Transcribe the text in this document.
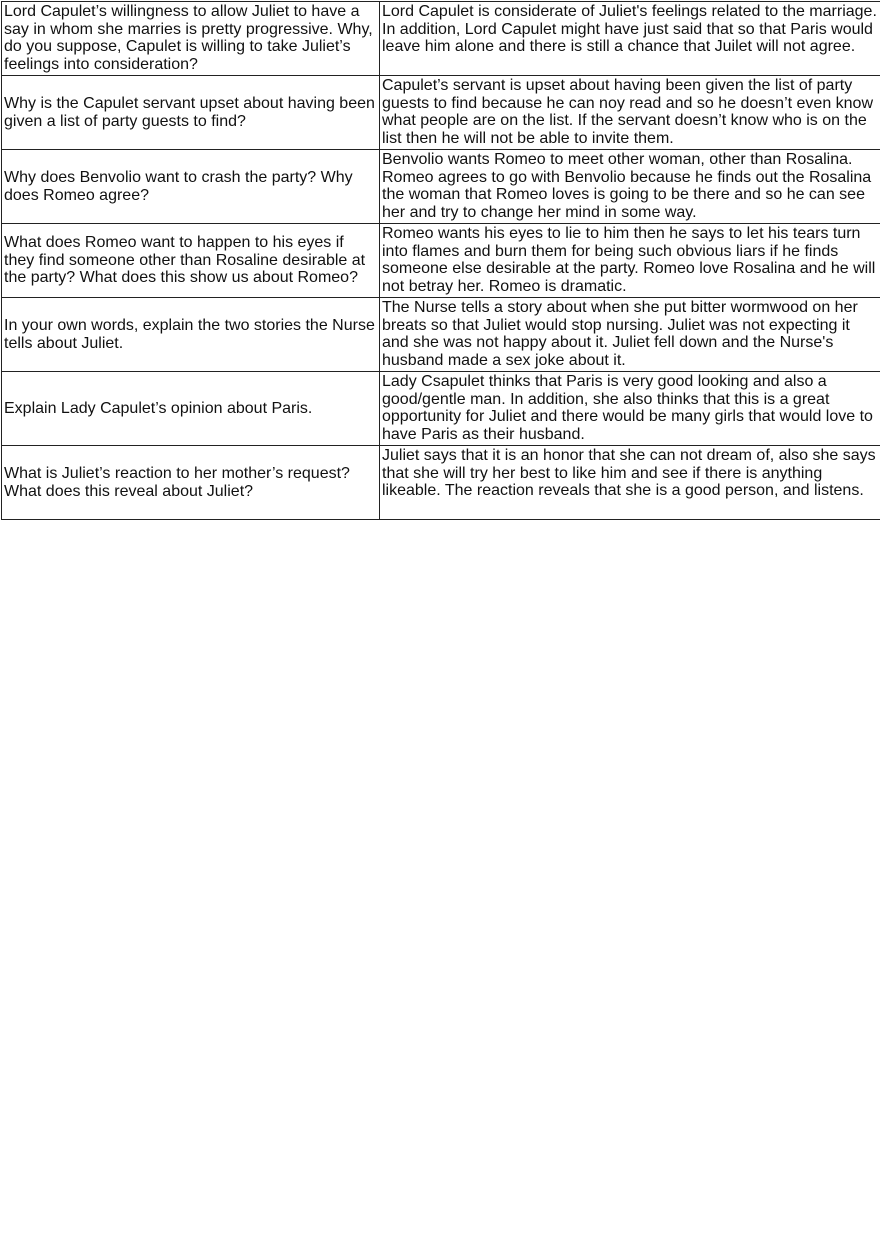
Lord Capulet’s willingness to allow Juliet to have a say in whom she marries is pretty progressive. Why, do you suppose, Capulet is willing to take Juliet’s feelings into consideration?	Lord Capulet is considerate of Juliet's feelings related to the marriage. In addition, Lord Capulet might have just said that so that Paris would leave him alone and there is still a chance that Juilet will not agree.
Why is the Capulet servant upset about having been given a list of party guests to find?	Capulet’s servant is upset about having been given the list of party guests to find because he can noy read and so he doesn’t even know what people are on the list. If the servant doesn’t know who is on the list then he will not be able to invite them.
Why does Benvolio want to crash the party? Why does Romeo agree?	Benvolio wants Romeo to meet other woman, other than Rosalina. Romeo agrees to go with Benvolio because he finds out the Rosalina the woman that Romeo loves is going to be there and so he can see her and try to change her mind in some way.
What does Romeo want to happen to his eyes if they find someone other than Rosaline desirable at the party? What does this show us about Romeo?	Romeo wants his eyes to lie to him then he says to let his tears turn into flames and burn them for being such obvious liars if he finds someone else desirable at the party. Romeo love Rosalina and he will not betray her. Romeo is dramatic.
In your own words, explain the two stories the Nurse tells about Juliet.	The Nurse tells a story about when she put bitter wormwood on her breats so that Juliet would stop nursing. Juliet was not expecting it and she was not happy about it. Juliet fell down and the Nurse's husband made a sex joke about it.
Explain Lady Capulet’s opinion about Paris.	Lady Csapulet thinks that Paris is very good looking and also a good/gentle man. In addition, she also thinks that this is a great opportunity for Juliet and there would be many girls that would love to have Paris as their husband.
What is Juliet’s reaction to her mother’s request? What does this reveal about Juliet?	Juliet says that it is an honor that she can not dream of, also she says that she will try her best to like him and see if there is anything likeable. The reaction reveals that she is a good person, and listens.
